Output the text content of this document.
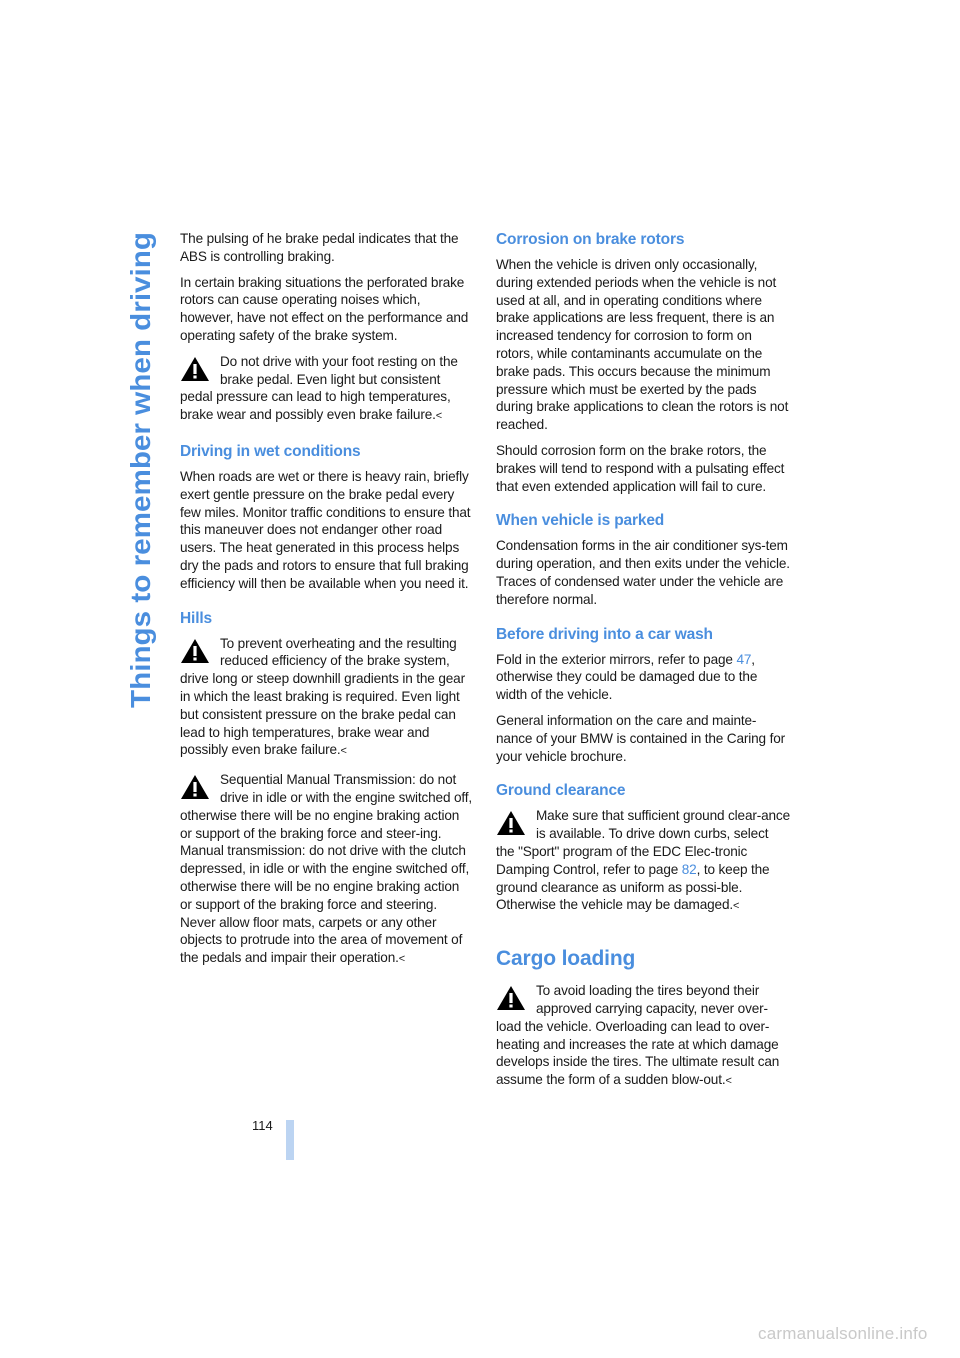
Things to remember when driving

The pulsing of he brake pedal indicates that the ABS is controlling braking.

In certain braking situations the perforated brake rotors can cause operating noises which, however, have not effect on the performance and operating safety of the brake system.

Do not drive with your foot resting on the brake pedal. Even light but consistent pedal pressure can lead to high temperatures, brake wear and possibly even brake failure.<
Driving in wet conditions

When roads are wet or there is heavy rain, briefly exert gentle pressure on the brake pedal every few miles. Monitor traffic conditions to ensure that this maneuver does not endanger other road users. The heat generated in this process helps dry the pads and rotors to ensure that full braking efficiency will then be available when you need it.

Hills
To prevent overheating and the resulting reduced efficiency of the brake system, drive long or steep downhill gradients in the gear in which the least braking is required. Even light but consistent pressure on the brake pedal can lead to high temperatures, brake wear and possibly even brake failure.<
Sequential Manual Transmission: do not drive in idle or with the engine switched off, otherwise there will be no engine braking action or support of the braking force and steer-ing.

Manual transmission: do not drive with the clutch depressed, in idle or with the engine switched off, otherwise there will be no engine braking action or support of the braking force and steering.

Never allow floor mats, carpets or any other objects to protrude into the area of movement of the pedals and impair their operation.<

Corrosion on brake rotors

When the vehicle is driven only occasionally, during extended periods when the vehicle is not used at all, and in operating conditions where brake applications are less frequent, there is an increased tendency for corrosion to form on rotors, while contaminants accumulate on the brake pads. This occurs because the minimum pressure which must be exerted by the pads during brake applications to clean the rotors is not reached.

Should corrosion form on the brake rotors, the brakes will tend to respond with a pulsating effect that even extended application will fail to cure.

When vehicle is parked

Condensation forms in the air conditioner sys-tem during operation, and then exits under the vehicle. Traces of condensed water under the vehicle are therefore normal.

Before driving into a car wash

Fold in the exterior mirrors, refer to page 47, otherwise they could be damaged due to the width of the vehicle.

General information on the care and mainte-nance of your BMW is contained in the Caring for your vehicle brochure.

Ground clearance
Make sure that sufficient ground clear-ance is available. To drive down curbs, select the "Sport" program of the EDC Elec-tronic Damping Control, refer to page 82, to keep the ground clearance as uniform as possi-ble. Otherwise the vehicle may be damaged.<
Cargo loading
To avoid loading the tires beyond their approved carrying capacity, never over-load the vehicle. Overloading can lead to over-heating and increases the rate at which damage develops inside the tires. The ultimate result can assume the form of a sudden blow-out.<
114
carmanualsonline.info
